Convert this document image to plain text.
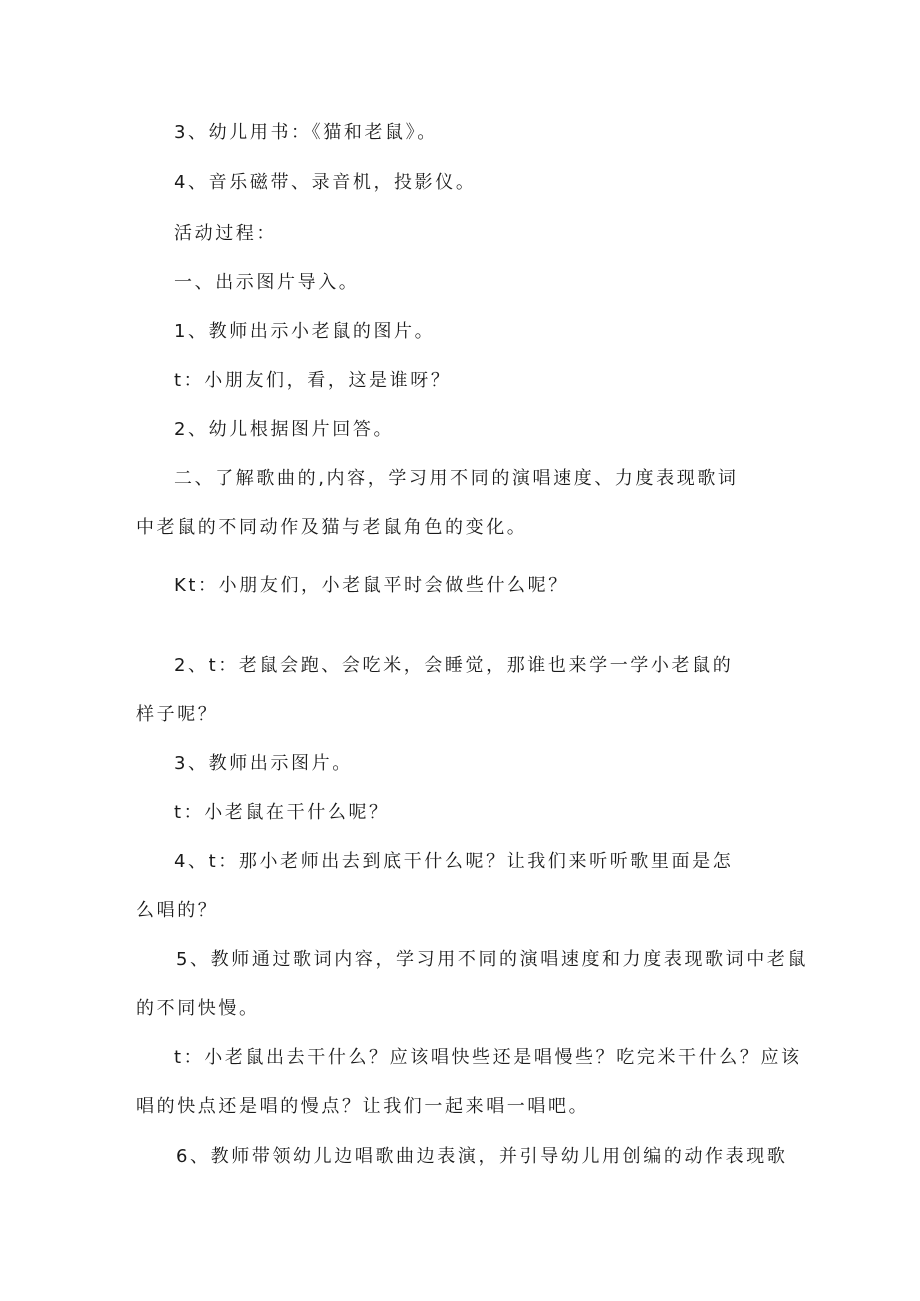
3、幼儿用书：《猫和老鼠》。
4、音乐磁带、录音机，投影仪。
活动过程：
一、出示图片导入。
1、教师出示小老鼠的图片。
t：小朋友们，看，这是谁呀？
2、幼儿根据图片回答。
二、了解歌曲的,内容，学习用不同的演唱速度、力度表现歌词
中老鼠的不同动作及猫与老鼠角色的变化。
Kt：小朋友们，小老鼠平时会做些什么呢？
2、t：老鼠会跑、会吃米，会睡觉，那谁也来学一学小老鼠的
样子呢？
3、教师出示图片。
t：小老鼠在干什么呢？
4、t：那小老师出去到底干什么呢？让我们来听听歌里面是怎
么唱的？
5、教师通过歌词内容，学习用不同的演唱速度和力度表现歌词中老鼠
的不同快慢。
t：小老鼠出去干什么？应该唱快些还是唱慢些？吃完米干什么？应该
唱的快点还是唱的慢点？让我们一起来唱一唱吧。
6、教师带领幼儿边唱歌曲边表演，并引导幼儿用创编的动作表现歌
